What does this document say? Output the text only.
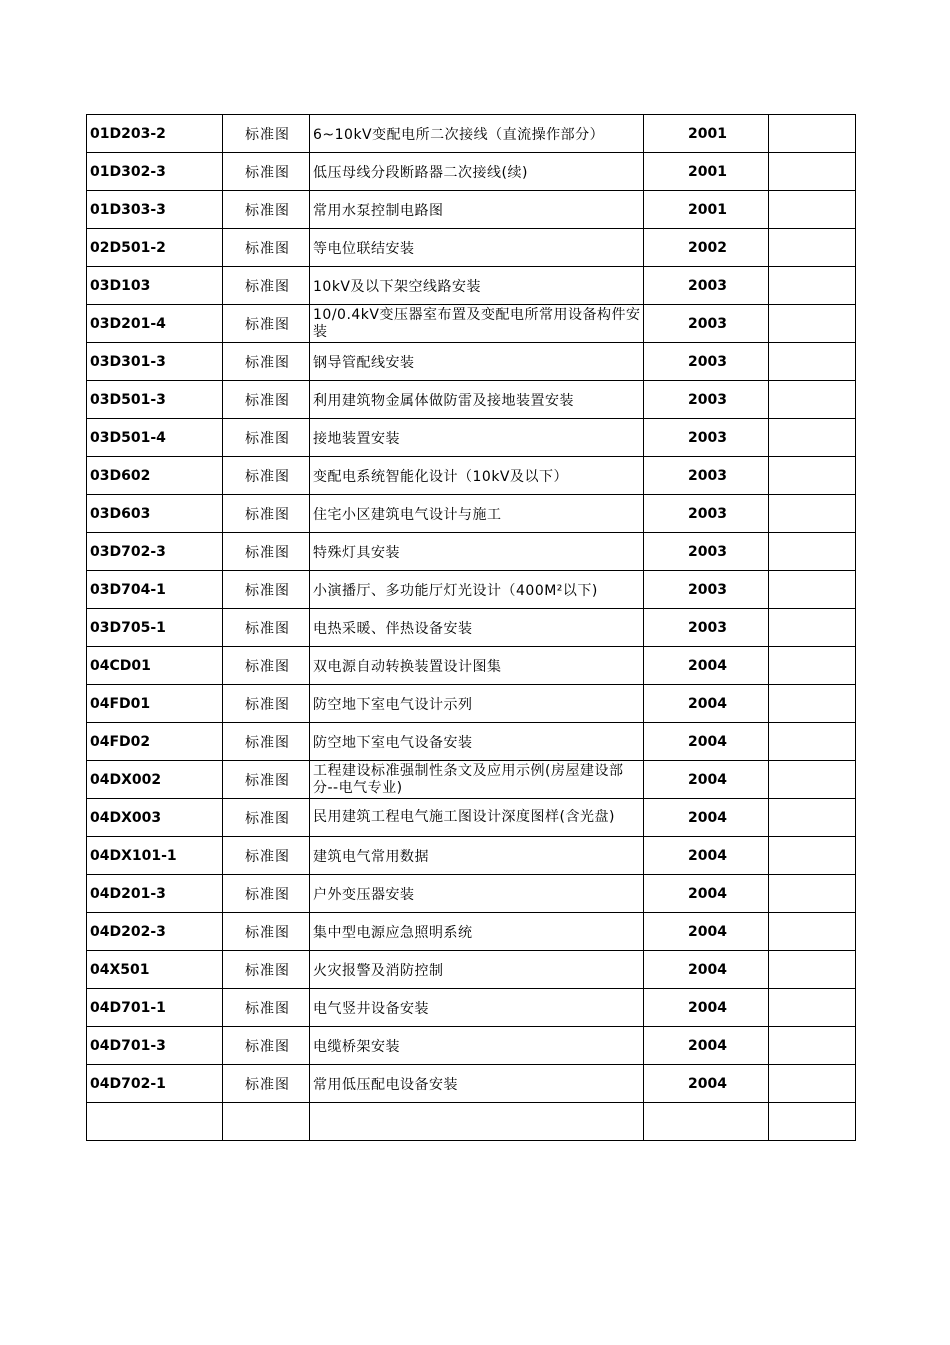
01D203-2	标准图	6~10kV变配电所二次接线（直流操作部分）	2001	
01D302-3	标准图	低压母线分段断路器二次接线(续)	2001	
01D303-3	标准图	常用水泵控制电路图	2001	
02D501-2	标准图	等电位联结安装	2002	
03D103	标准图	10kV及以下架空线路安装	2003	
03D201-4	标准图	10/0.4kV变压器室布置及变配电所常用设备构件安装	2003	
03D301-3	标准图	钢导管配线安装	2003	
03D501-3	标准图	利用建筑物金属体做防雷及接地装置安装	2003	
03D501-4	标准图	接地装置安装	2003	
03D602	标准图	变配电系统智能化设计（10kV及以下）	2003	
03D603	标准图	住宅小区建筑电气设计与施工	2003	
03D702-3	标准图	特殊灯具安装	2003	
03D704-1	标准图	小演播厅、多功能厅灯光设计（400M²以下)	2003	
03D705-1	标准图	电热采暖、伴热设备安装	2003	
04CD01	标准图	双电源自动转换装置设计图集	2004	
04FD01	标准图	防空地下室电气设计示列	2004	
04FD02	标准图	防空地下室电气设备安装	2004	
04DX002	标准图	工程建设标准强制性条文及应用示例(房屋建设部分--电气专业)	2004	
04DX003	标准图	民用建筑工程电气施工图设计深度图样(含光盘)	2004	
04DX101-1	标准图	建筑电气常用数据	2004	
04D201-3	标准图	户外变压器安装	2004	
04D202-3	标准图	集中型电源应急照明系统	2004	
04X501	标准图	火灾报警及消防控制	2004	
04D701-1	标准图	电气竖井设备安装	2004	
04D701-3	标准图	电缆桥架安装	2004	
04D702-1	标准图	常用低压配电设备安装	2004	
